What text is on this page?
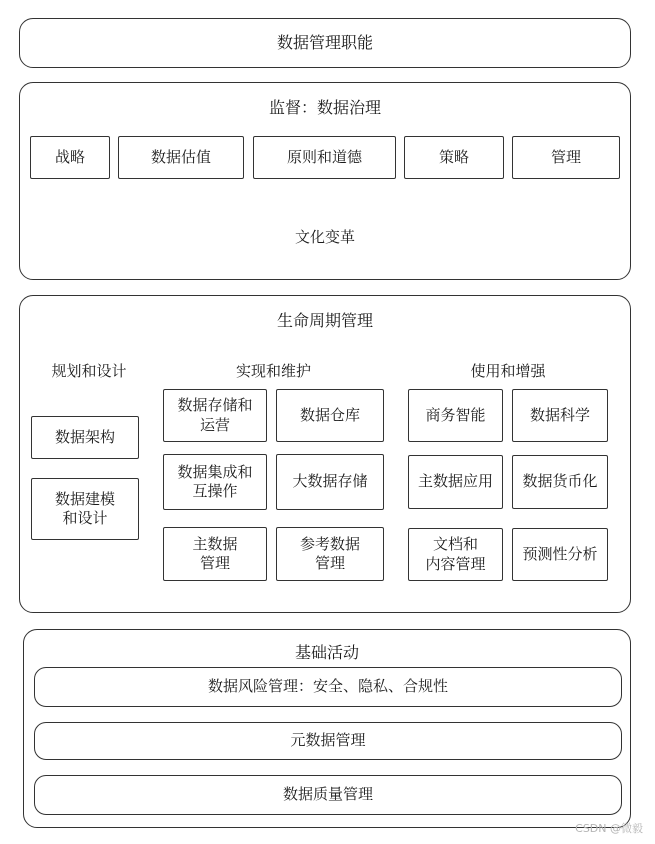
数据管理职能
监督：数据治理
战略	数据估值	原则和道德	策略	管理
文化变革
生命周期管理
规划和设计	实现和维护	使用和增强
数据架构
数据建模
和设计
数据存储和
运营
数据仓库
数据集成和
互操作
大数据存储
主数据
管理
参考数据
管理
商务智能	数据科学
主数据应用 数据货币化
文档和
内容管理
预测性分析
基础活动
数据风险管理：安全、隐私、合规性
元数据管理
数据质量管理
CSDN @微毅
